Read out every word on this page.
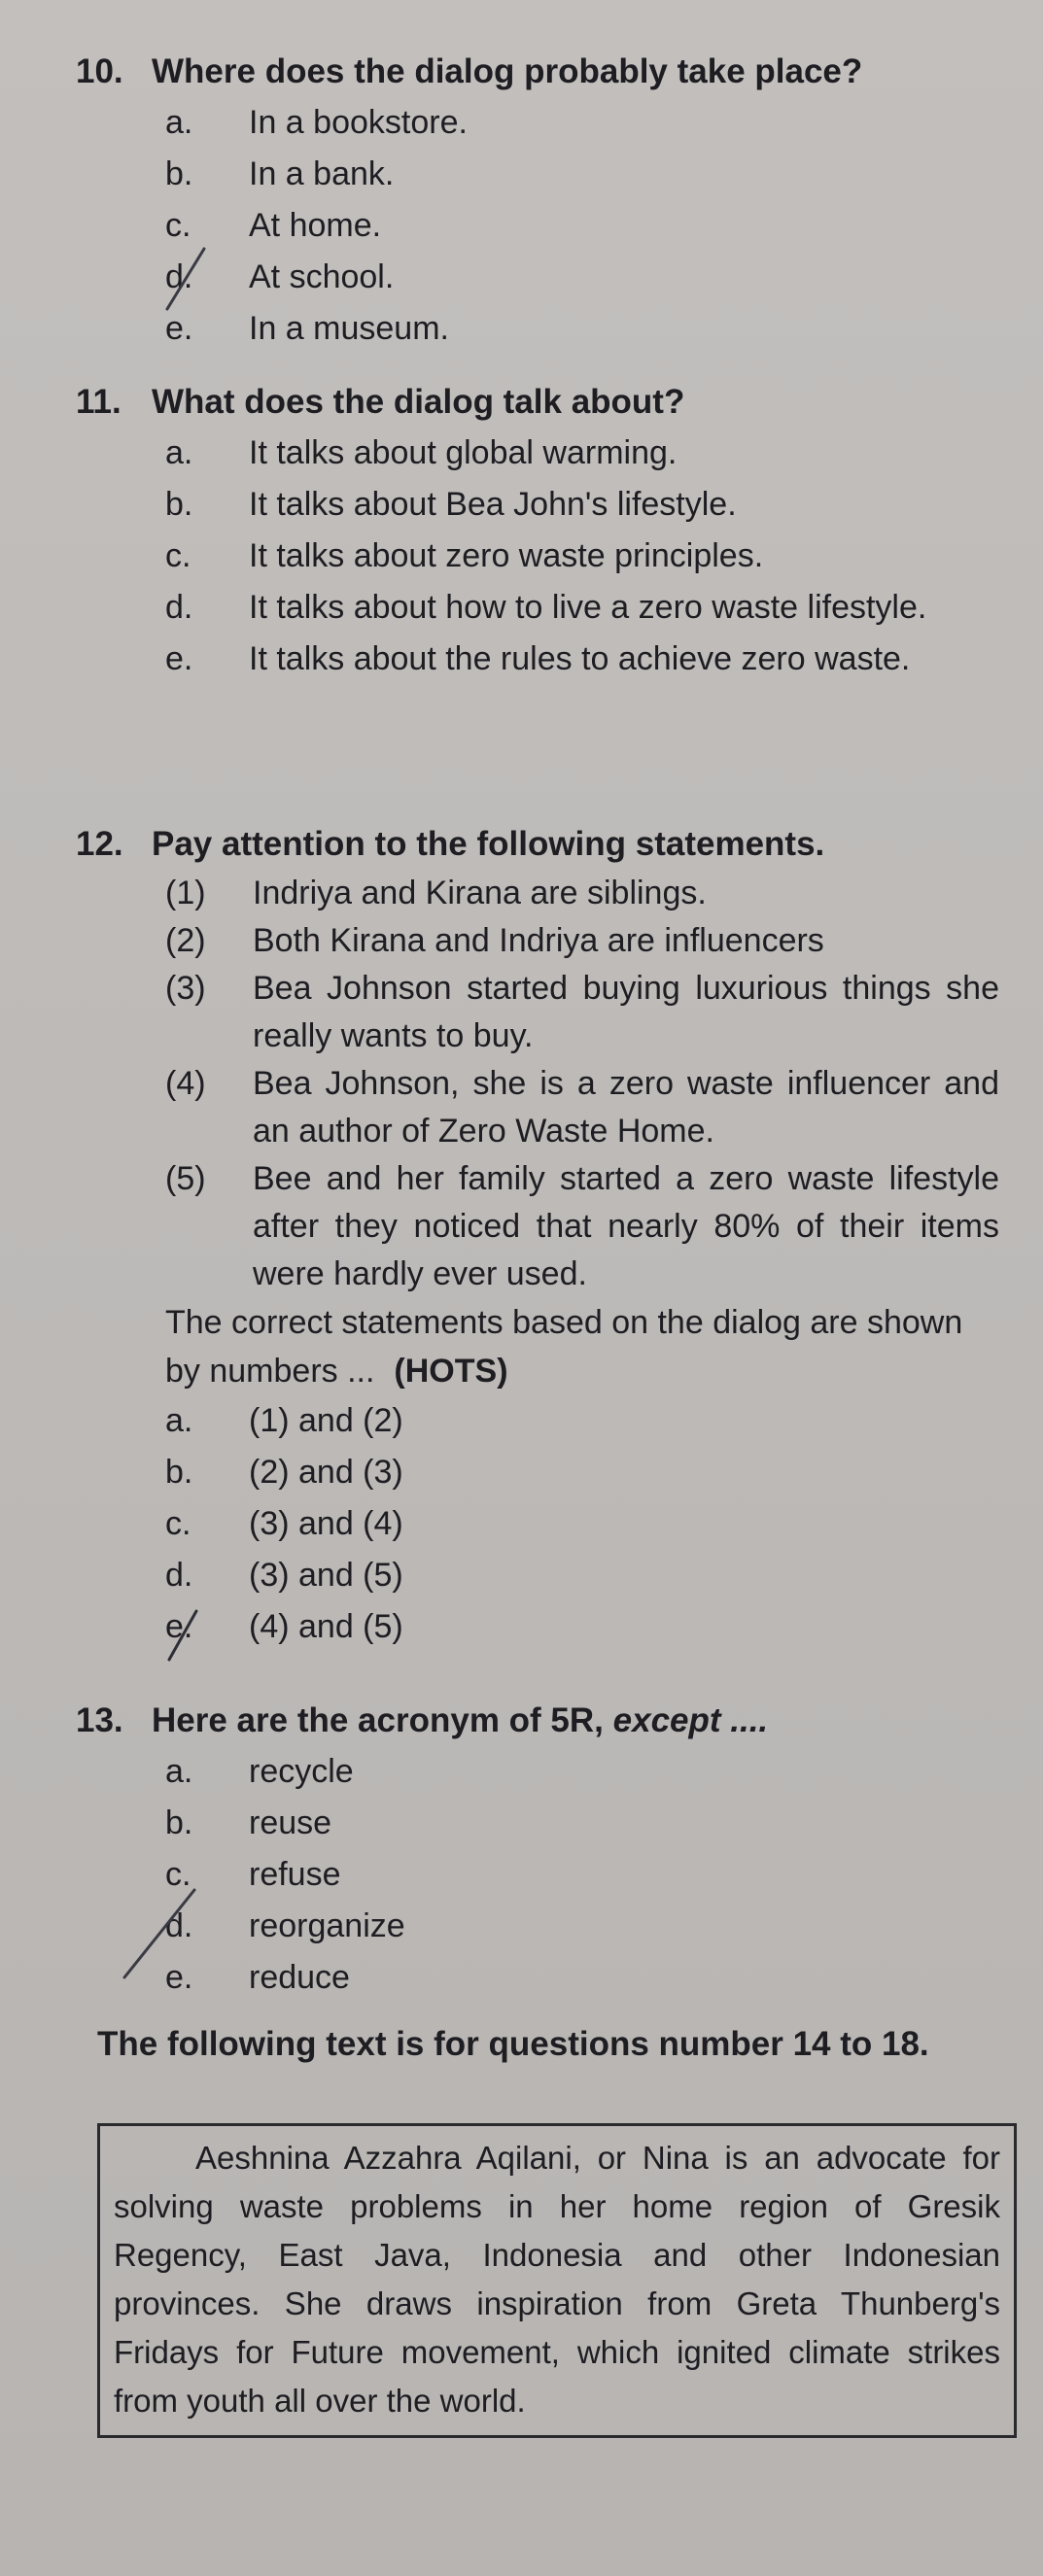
10. Where does the dialog probably take place?
a. In a bookstore.
b. In a bank.
c. At home.
d. At school.
e. In a museum.
11. What does the dialog talk about?
a. It talks about global warming.
b. It talks about Bea John's lifestyle.
c. It talks about zero waste principles.
d.	It talks about how to live a zero waste lifestyle.
e.	It talks about the rules to achieve zero waste.
12. Pay attention to the following statements.
(1)	Indriya and Kirana are siblings.
(2)	Both Kirana and Indriya are influencers
(3)	Bea Johnson started buying luxurious things she really wants to buy.
(4)	Bea Johnson, she is a zero waste influencer and an author of Zero Waste Home.
(5)	Bee and her family started a zero waste lifestyle after they noticed that nearly 80% of their items were hardly ever used.
The correct statements based on the dialog are shown by numbers ... (HOTS)
a. (1) and (2)
b. (2) and (3)
c. (3) and (4)
d. (3) and (5)
e. (4) and (5)
13. Here are the acronym of 5R, except ....
a. recycle
b. reuse
c. refuse
d. reorganize
e. reduce
The following text is for questions number 14 to 18.
Aeshnina Azzahra Aqilani, or Nina is an advocate for solving waste problems in her home region of Gresik Regency, East Java, Indonesia and other Indonesian provinces. She draws inspiration from Greta Thunberg's Fridays for Future movement, which ignited climate strikes from youth all over the world.
